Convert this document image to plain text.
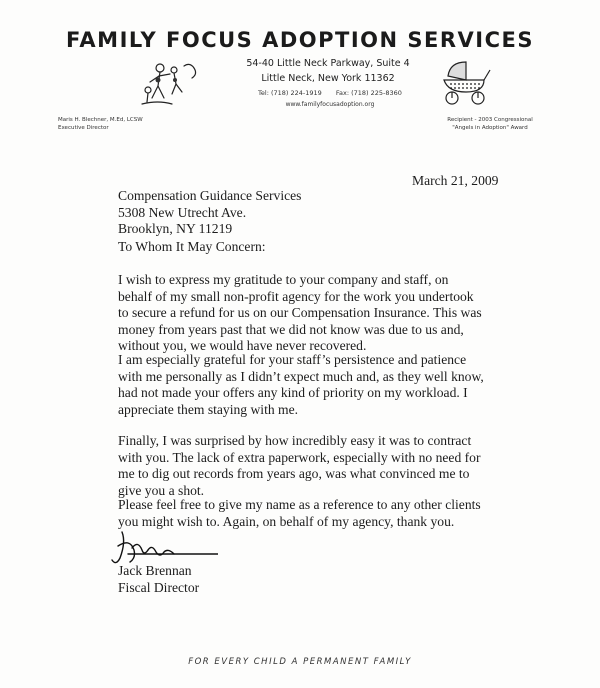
FAMILY FOCUS ADOPTION SERVICES
54-40 Little Neck Parkway, Suite 4
Little Neck, New York 11362
Tel: (718) 224-1919 Fax: (718) 225-8360
www.familyfocusadoption.org
Maris H. Blechner, M.Ed, LCSW
Executive Director
Recipient - 2003 Congressional
"Angels in Adoption" Award
March 21, 2009
Compensation Guidance Services
5308 New Utrecht Ave.
Brooklyn, NY 11219
To Whom It May Concern:
I wish to express my gratitude to your company and staff, on
behalf of my small non-profit agency for the work you undertook
to secure a refund for us on our Compensation Insurance. This was
money from years past that we did not know was due to us and,
without you, we would have never recovered.
I am especially grateful for your staff’s persistence and patience
with me personally as I didn’t expect much and, as they well know,
had not made your offers any kind of priority on my workload. I
appreciate them staying with me.
Finally, I was surprised by how incredibly easy it was to contract
with you. The lack of extra paperwork, especially with no need for
me to dig out records from years ago, was what convinced me to
give you a shot.
Please feel free to give my name as a reference to any other clients
you might wish to. Again, on behalf of my agency, thank you.
Jack Brennan
Fiscal Director
FOR EVERY CHILD A PERMANENT FAMILY
